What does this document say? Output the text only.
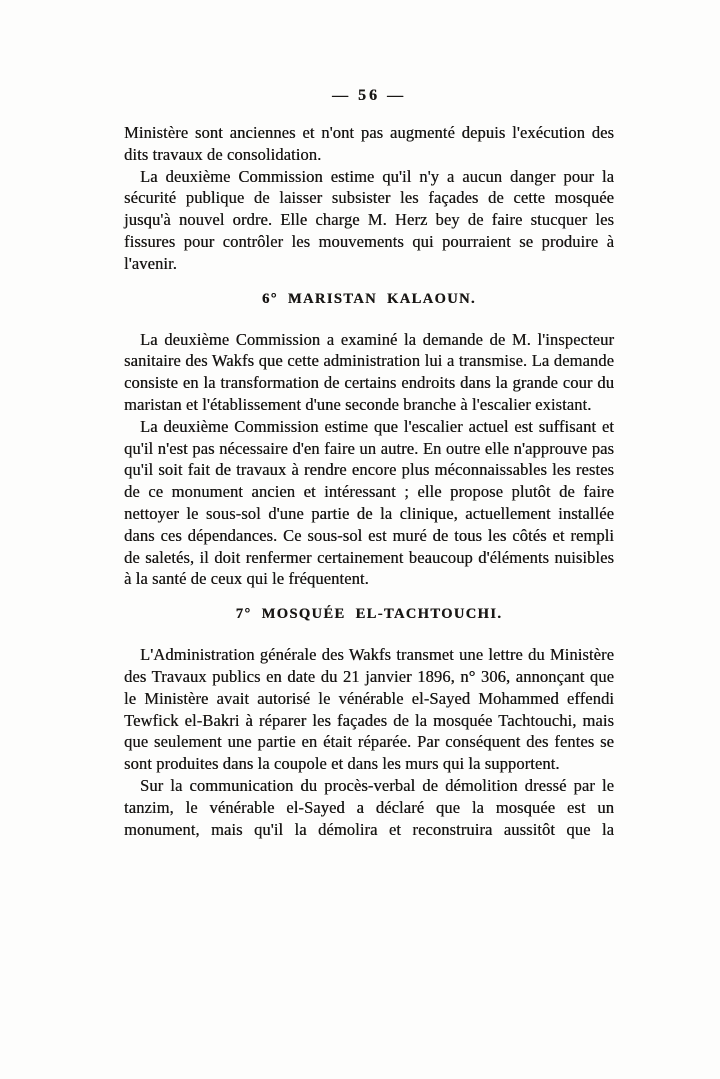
— 56 —

Ministère sont anciennes et n'ont pas augmenté depuis l'exécution des dits travaux de consolidation.

La deuxième Commission estime qu'il n'y a aucun danger pour la sécurité publique de laisser subsister les façades de cette mosquée jusqu'à nouvel ordre. Elle charge M. Herz bey de faire stucquer les fissures pour contrôler les mouvements qui pourraient se produire à l'avenir.

6° MARISTAN KALAOUN.

La deuxième Commission a examiné la demande de M. l'inspecteur sanitaire des Wakfs que cette administration lui a transmise. La demande consiste en la transformation de certains endroits dans la grande cour du maristan et l'établissement d'une seconde branche à l'escalier existant.

La deuxième Commission estime que l'escalier actuel est suffisant et qu'il n'est pas nécessaire d'en faire un autre. En outre elle n'approuve pas qu'il soit fait de travaux à rendre encore plus méconnaissables les restes de ce monument ancien et intéressant ; elle propose plutôt de faire nettoyer le sous-sol d'une partie de la clinique, actuellement installée dans ces dépendances. Ce sous-sol est muré de tous les côtés et rempli de saletés, il doit renfermer certainement beaucoup d'éléments nuisibles à la santé de ceux qui le fréquentent.

7° MOSQUÉE EL-TACHTOUCHI.

L'Administration générale des Wakfs transmet une lettre du Ministère des Travaux publics en date du 21 janvier 1896, n° 306, annonçant que le Ministère avait autorisé le vénérable el-Sayed Mohammed effendi Tewfick el-Bakri à réparer les façades de la mosquée Tachtouchi, mais que seulement une partie en était réparée. Par conséquent des fentes se sont produites dans la coupole et dans les murs qui la supportent.

Sur la communication du procès-verbal de démolition dressé par le tanzim, le vénérable el-Sayed a déclaré que la mosquée est un monument, mais qu'il la démolira et reconstruira aussitôt que la
